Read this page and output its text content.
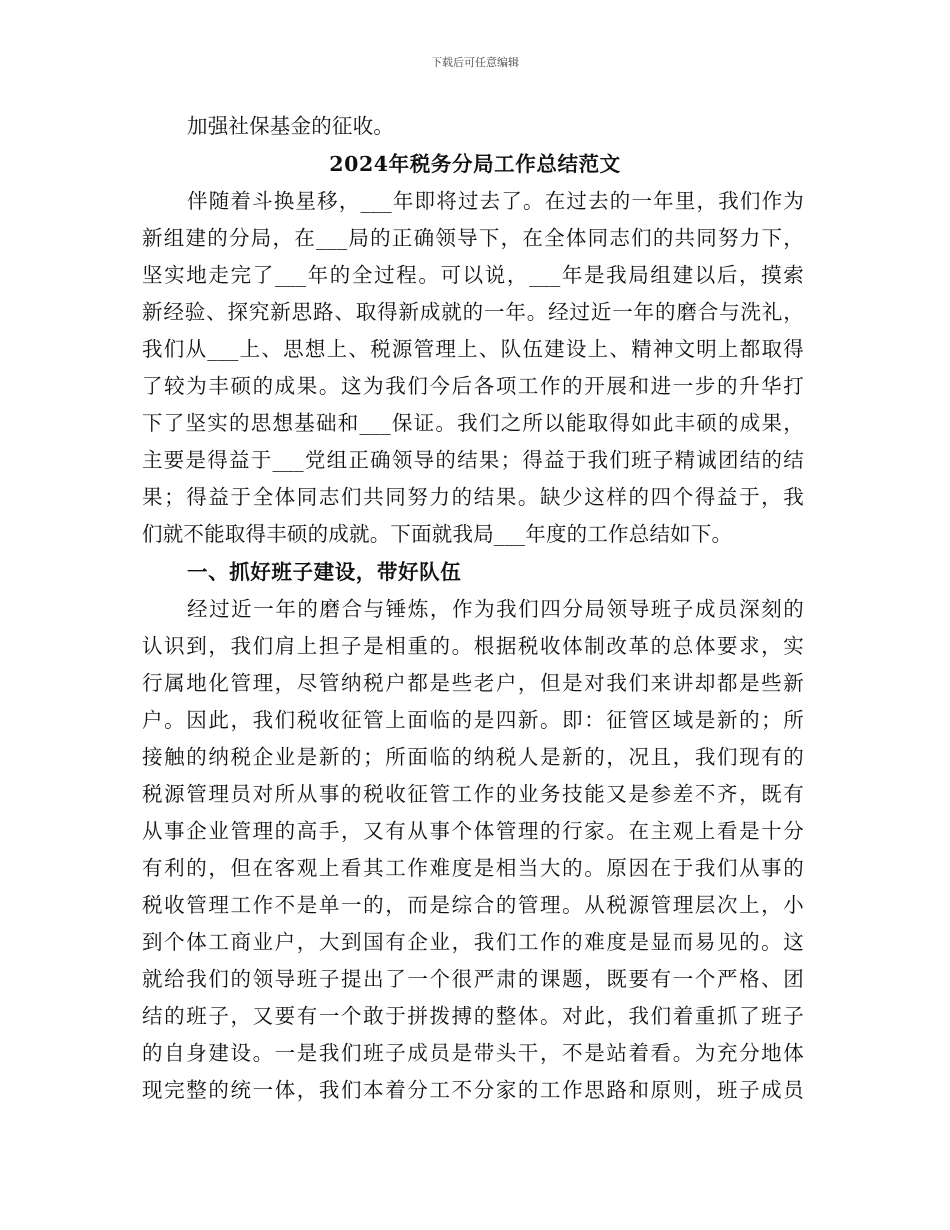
下载后可任意编辑
加强社保基金的征收。
2024年税务分局工作总结范文
伴随着斗换星移，___年即将过去了。在过去的一年里，我们作为
新组建的分局，在___局的正确领导下，在全体同志们的共同努力下，
坚实地走完了___年的全过程。可以说，___年是我局组建以后，摸索
新经验、探究新思路、取得新成就的一年。经过近一年的磨合与洗礼，
我们从___上、思想上、税源管理上、队伍建设上、精神文明上都取得
了较为丰硕的成果。这为我们今后各项工作的开展和进一步的升华打
下了坚实的思想基础和___保证。我们之所以能取得如此丰硕的成果，
主要是得益于___党组正确领导的结果；得益于我们班子精诚团结的结
果；得益于全体同志们共同努力的结果。缺少这样的四个得益于，我
们就不能取得丰硕的成就。下面就我局___年度的工作总结如下。
一、抓好班子建设，带好队伍
经过近一年的磨合与锤炼，作为我们四分局领导班子成员深刻的
认识到，我们肩上担子是相重的。根据税收体制改革的总体要求，实
行属地化管理，尽管纳税户都是些老户，但是对我们来讲却都是些新
户。因此，我们税收征管上面临的是四新。即：征管区域是新的；所
接触的纳税企业是新的；所面临的纳税人是新的，况且，我们现有的
税源管理员对所从事的税收征管工作的业务技能又是参差不齐，既有
从事企业管理的高手，又有从事个体管理的行家。在主观上看是十分
有利的，但在客观上看其工作难度是相当大的。原因在于我们从事的
税收管理工作不是单一的，而是综合的管理。从税源管理层次上，小
到个体工商业户，大到国有企业，我们工作的难度是显而易见的。这
就给我们的领导班子提出了一个很严肃的课题，既要有一个严格、团
结的班子，又要有一个敢于拼拨搏的整体。对此，我们着重抓了班子
的自身建设。一是我们班子成员是带头干，不是站着看。为充分地体
现完整的统一体，我们本着分工不分家的工作思路和原则，班子成员
